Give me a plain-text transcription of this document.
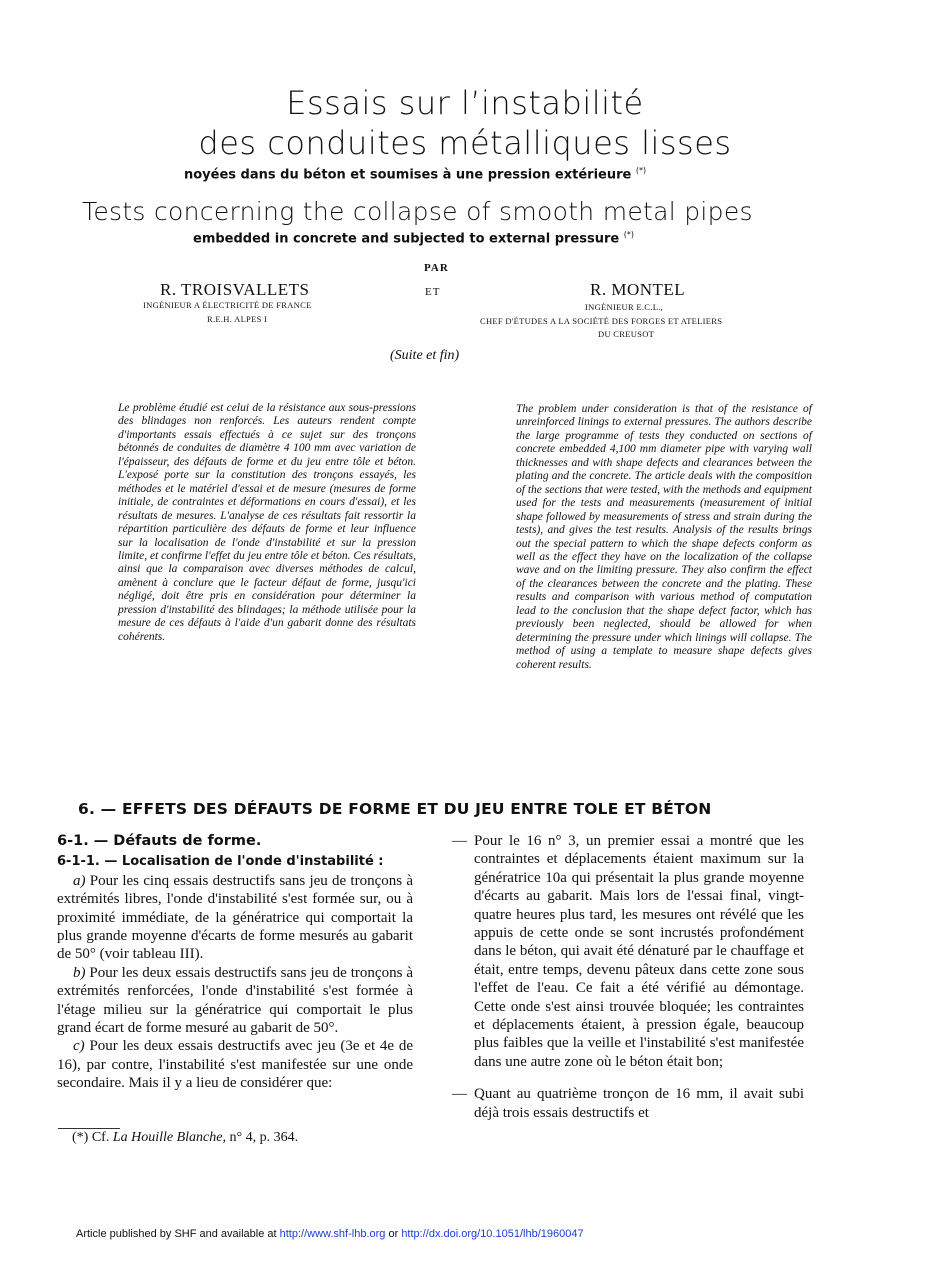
Essais sur l’instabilité
des conduites métalliques lisses
noyées dans du béton et soumises à une pression extérieure (*)
Tests concerning the collapse of smooth metal pipes
embedded in concrete and subjected to external pressure (*)
PAR
ET
R. TROISVALLETS
INGÉNIEUR A ÉLECTRICITÉ DE FRANCE
R.E.H. ALPES I
R. MONTEL
INGÉNIEUR E.C.L.,
CHEF D'ÉTUDES A LA SOCIÉTÉ DES FORGES ET ATELIERS
DU CREUSOT
(Suite et fin)
Le problème étudié est celui de la résistance aux sous-pressions des blindages non renforcés. Les auteurs rendent compte d'importants essais effectués à ce sujet sur des tronçons bétonnés de conduites de diamètre 4 100 mm avec variation de l'épaisseur, des défauts de forme et du jeu entre tôle et béton. L'exposé porte sur la constitution des tronçons essayés, les méthodes et le matériel d'essai et de mesure (mesures de forme initiale, de contraintes et déformations en cours d'essai), et les résultats de mesures. L'analyse de ces résultats fait ressortir la répartition particulière des défauts de forme et leur influence sur la localisation de l'onde d'instabilité et sur la pression limite, et confirme l'effet du jeu entre tôle et béton. Ces résultats, ainsi que la comparaison avec diverses méthodes de calcul, amènent à conclure que le facteur défaut de forme, jusqu'ici négligé, doit être pris en considération pour déterminer la pression d'instabilité des blindages; la méthode utilisée pour la mesure de ces défauts à l'aide d'un gabarit donne des résultats cohérents.
The problem under consideration is that of the resistance of unreinforced linings to external pressures. The authors describe the large programme of tests they conducted on sections of concrete embedded 4,100 mm diameter pipe with varying wall thicknesses and with shape defects and clearances between the plating and the concrete. The article deals with the composition of the sections that were tested, with the methods and equipment used for the tests and measurements (measurement of initial shape followed by measurements of stress and strain during the tests), and gives the test results. Analysis of the results brings out the special pattern to which the shape defects conform as well as the effect they have on the localization of the collapse wave and on the limiting pressure. They also confirm the effect of the clearances between the concrete and the plating. These results and comparison with various method of computation lead to the conclusion that the shape defect factor, which has previously been neglected, should be allowed for when determining the pressure under which linings will collapse. The method of using a template to measure shape defects gives coherent results.
6. — EFFETS DES DÉFAUTS DE FORME ET DU JEU ENTRE TOLE ET BÉTON
6-1. — Défauts de forme.
6-1-1. — Localisation de l'onde d'instabilité :

a) Pour les cinq essais destructifs sans jeu de tronçons à extrémités libres, l'onde d'instabilité s'est formée sur, ou à proximité immédiate, de la génératrice qui comportait la plus grande moyenne d'écarts de forme mesurés au gabarit de 50° (voir tableau III).

b) Pour les deux essais destructifs sans jeu de tronçons à extrémités renforcées, l'onde d'instabilité s'est formée à l'étage milieu sur la génératrice qui comportait le plus grand écart de forme mesuré au gabarit de 50°.

c) Pour les deux essais destructifs avec jeu (3e et 4e de 16), par contre, l'instabilité s'est manifestée sur une onde secondaire. Mais il y a lieu de considérer que:

— Pour le 16 n° 3, un premier essai a montré que les contraintes et déplacements étaient maximum sur la génératrice 10a qui présentait la plus grande moyenne d'écarts au gabarit. Mais lors de l'essai final, vingt-quatre heures plus tard, les mesures ont révélé que les appuis de cette onde se sont incrustés profondément dans le béton, qui avait été dénaturé par le chauffage et était, entre temps, devenu pâteux dans cette zone sous l'effet de l'eau. Ce fait a été vérifié au démontage. Cette onde s'est ainsi trouvée bloquée; les contraintes et déplacements étaient, à pression égale, beaucoup plus faibles que la veille et l'instabilité s'est manifestée dans une autre zone où le béton était bon;
— Quant au quatrième tronçon de 16 mm, il avait subi déjà trois essais destructifs et
(*) Cf. La Houille Blanche, n° 4, p. 364.
Article published by SHF and available at http://www.shf-lhb.org or http://dx.doi.org/10.1051/lhb/1960047
